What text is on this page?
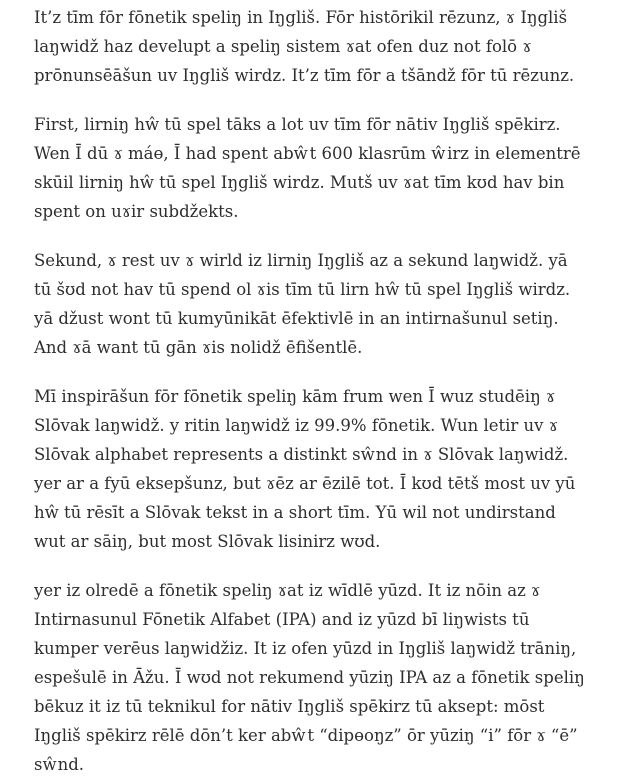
It’z tīm fōr fōnetik speliŋ in Iŋgliš. Fōr histōrikil rēzunz, ɤ Iŋgliš laŋwidž haz develupt a speliŋ sistem ɤat ofen duz not folō ɤ prōnunsēāšun uv Iŋgliš wirdz. It’z tīm fōr a tšāndž fōr tū rēzunz.

First, lirniŋ hŵ tū spel tāks a lot uv tīm fōr nātiv Iŋgliš spēkirz. Wen Ī dū ɤ máɵ, Ī had spent abŵt 600 klasrūm ŵirz in elementrē skūil lirniŋ hŵ tū spel Iŋgliš wirdz. Mutš uv ɤat tīm kʊd hav bin spent on uɤir subdžekts.

Sekund, ɤ rest uv ɤ wirld iz lirniŋ Iŋgliš az a sekund laŋwidž. yā tū šʊd not hav tū spend ol ɤis tīm tū lirn hŵ tū spel Iŋgliš wirdz. yā džust wont tū kumyūnikāt ēfektivlē in an intirnašunul setiŋ. And ɤā want tū gān ɤis nolidž ēfišentlē.

Mī inspirāšun fōr fōnetik speliŋ kām frum wen Ī wuz studēiŋ ɤ Slōvak laŋwidž. y ritin laŋwidž iz 99.9% fōnetik. Wun letir uv ɤ Slōvak alphabet represents a distinkt sŵnd in ɤ Slōvak laŋwidž. yer ar a fyū eksepšunz, but ɤēz ar ēzilē tot. Ī kʊd tētš most uv yū hŵ tū rēsīt a Slōvak tekst in a short tīm. Yū wil not undirstand wut ar sāiŋ, but most Slōvak lisinirz wʊd.

yer iz olredē a fōnetik speliŋ ɤat iz wīdlē yūzd. It iz nōin az ɤ Intirnasunul Fōnetik Alfabet (IPA) and iz yūzd bī liŋwists tū kumper verēus laŋwidžiz. It iz ofen yūzd in Iŋgliš laŋwidž trāniŋ, espešulē in Āžu. Ī wʊd not rekumend yūziŋ IPA az a fōnetik speliŋ bēkuz it iz tū teknikul for nātiv Iŋgliš spēkirz tū aksept: mōst Iŋgliš spēkirz rēlē dōn’t ker abŵt “dipɵoŋz” ōr yūziŋ “i” fōr ɤ “ē” sŵnd.
